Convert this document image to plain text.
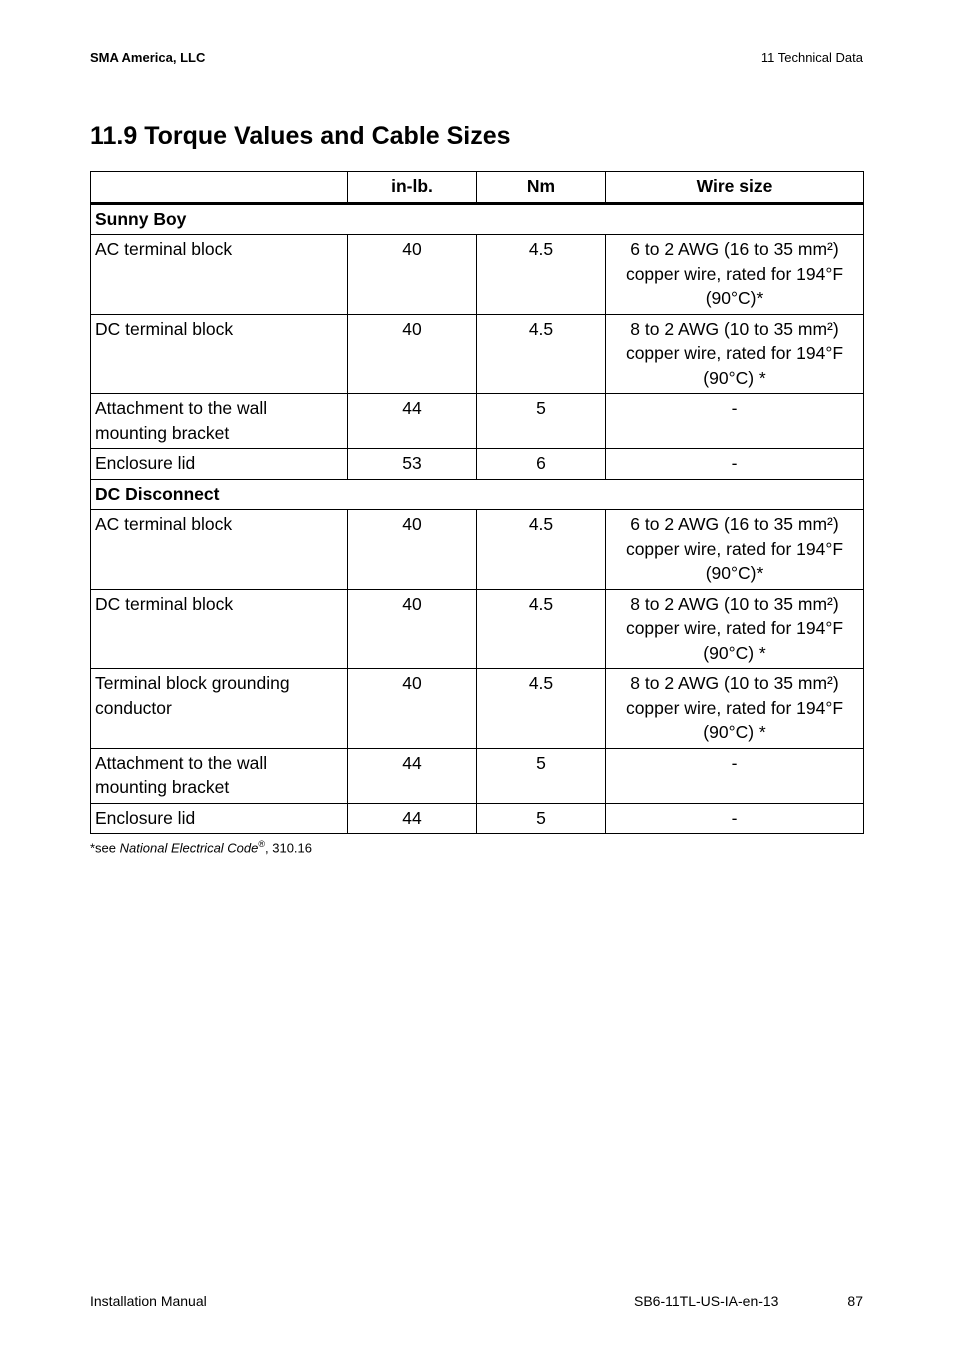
SMA America, LLC	11 Technical Data
11.9 Torque Values and Cable Sizes
	in-lb.	Nm	Wire size
Sunny Boy			
AC terminal block	40	4.5	6 to 2 AWG (16 to 35 mm²) copper wire, rated for 194°F (90°C)*
DC terminal block	40	4.5	8 to 2 AWG (10 to 35 mm²) copper wire, rated for 194°F (90°C) *
Attachment to the wall mounting bracket	44	5	-
Enclosure lid	53	6	-
DC Disconnect			
AC terminal block	40	4.5	6 to 2 AWG (16 to 35 mm²) copper wire, rated for 194°F (90°C)*
DC terminal block	40	4.5	8 to 2 AWG (10 to 35 mm²) copper wire, rated for 194°F (90°C) *
Terminal block grounding conductor	40	4.5	8 to 2 AWG (10 to 35 mm²) copper wire, rated for 194°F (90°C) *
Attachment to the wall mounting bracket	44	5	-
Enclosure lid	44	5	-
*see National Electrical Code®, 310.16
Installation Manual	SB6-11TL-US-IA-en-13	87
